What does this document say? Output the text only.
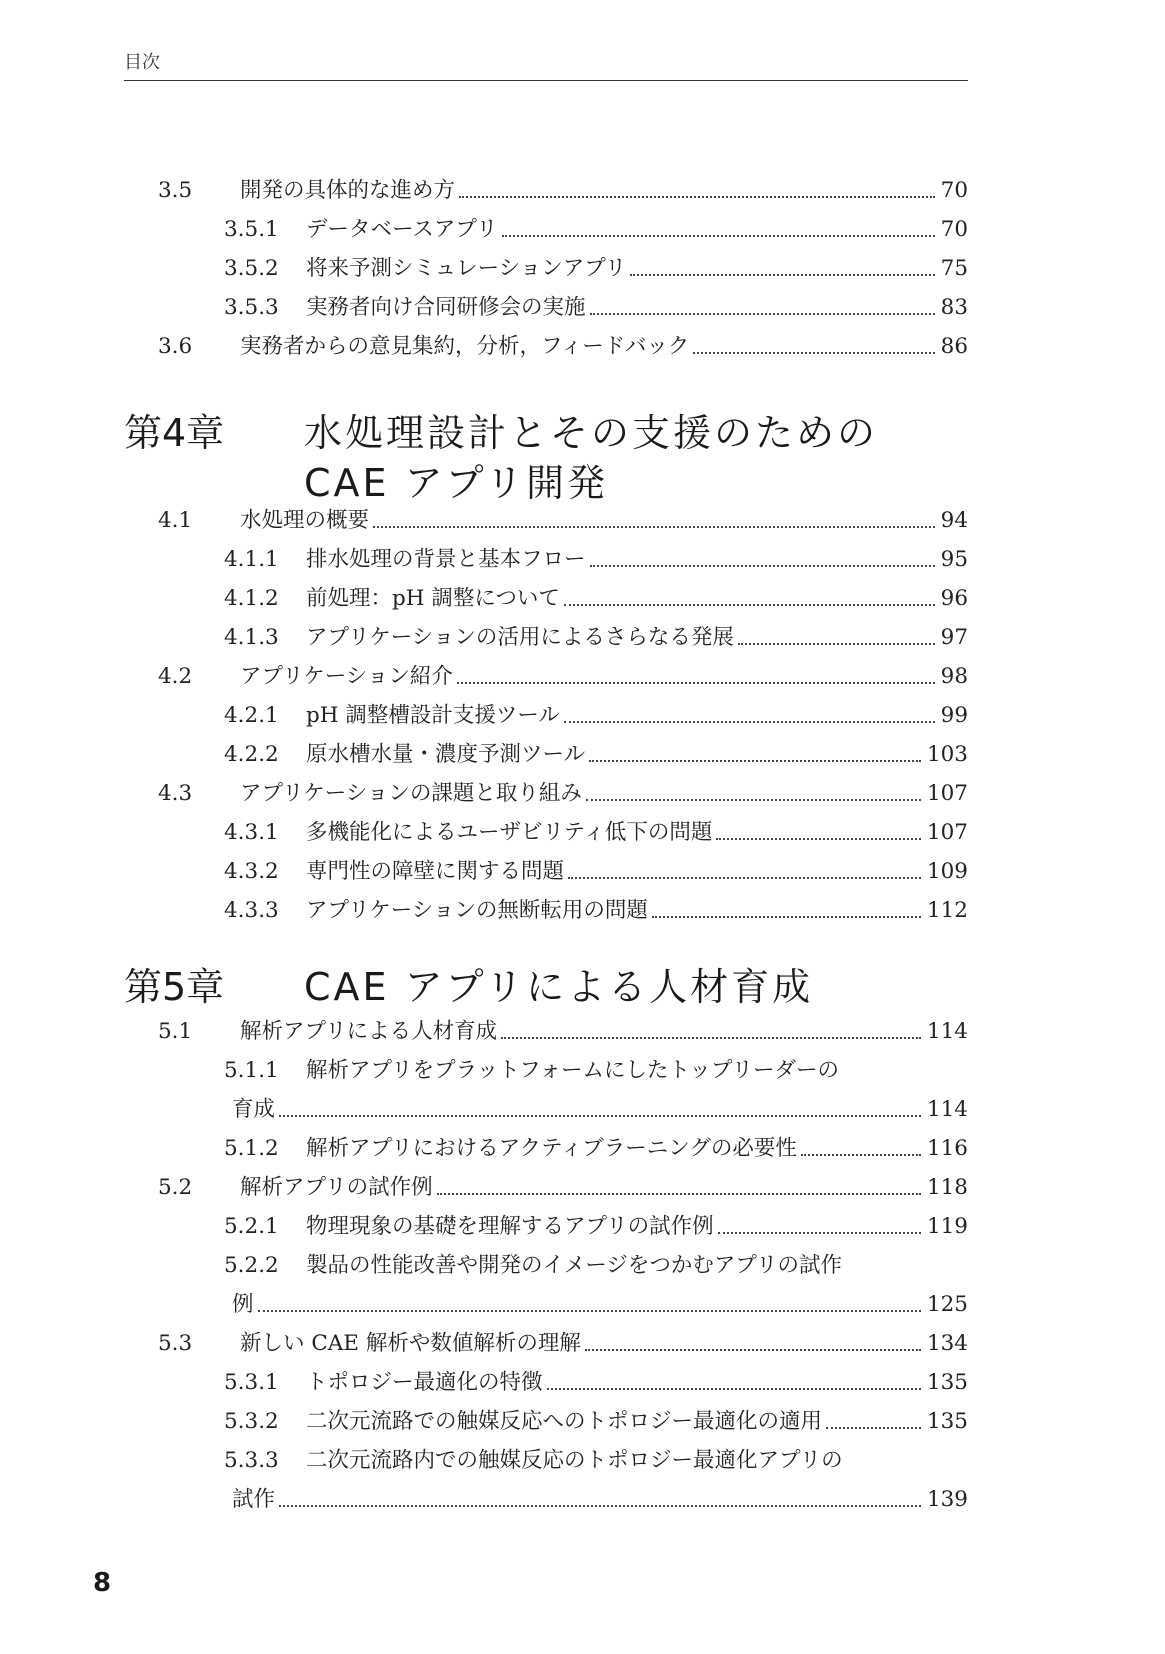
目次
3.5	開発の具体的な進め方	70
3.5.1	データベースアプリ	70
3.5.2	将来予測シミュレーションアプリ	75
3.5.3	実務者向け合同研修会の実施	83
3.6	実務者からの意見集約，分析，フィードバック	86
第4章 水処理設計とその支援のための
CAE アプリ開発
4.1	水処理の概要	94
4.1.1	排水処理の背景と基本フロー	95
4.1.2	前処理：pH 調整について	96
4.1.3	アプリケーションの活用によるさらなる発展	97
4.2	アプリケーション紹介	98
4.2.1	pH 調整槽設計支援ツール	99
4.2.2	原水槽水量・濃度予測ツール	103
4.3	アプリケーションの課題と取り組み	107
4.3.1	多機能化によるユーザビリティ低下の問題	107
4.3.2	専門性の障壁に関する問題	109
4.3.3	アプリケーションの無断転用の問題	112
第5章 CAE アプリによる人材育成
5.1	解析アプリによる人材育成	114
5.1.1	解析アプリをプラットフォームにしたトップリーダーの
育成	114
5.1.2	解析アプリにおけるアクティブラーニングの必要性	116
5.2	解析アプリの試作例	118
5.2.1	物理現象の基礎を理解するアプリの試作例	119
5.2.2	製品の性能改善や開発のイメージをつかむアプリの試作
例	125
5.3	新しい CAE 解析や数値解析の理解	134
5.3.1	トポロジー最適化の特徴	135
5.3.2	二次元流路での触媒反応へのトポロジー最適化の適用	135
5.3.3	二次元流路内での触媒反応のトポロジー最適化アプリの
試作	139
8
